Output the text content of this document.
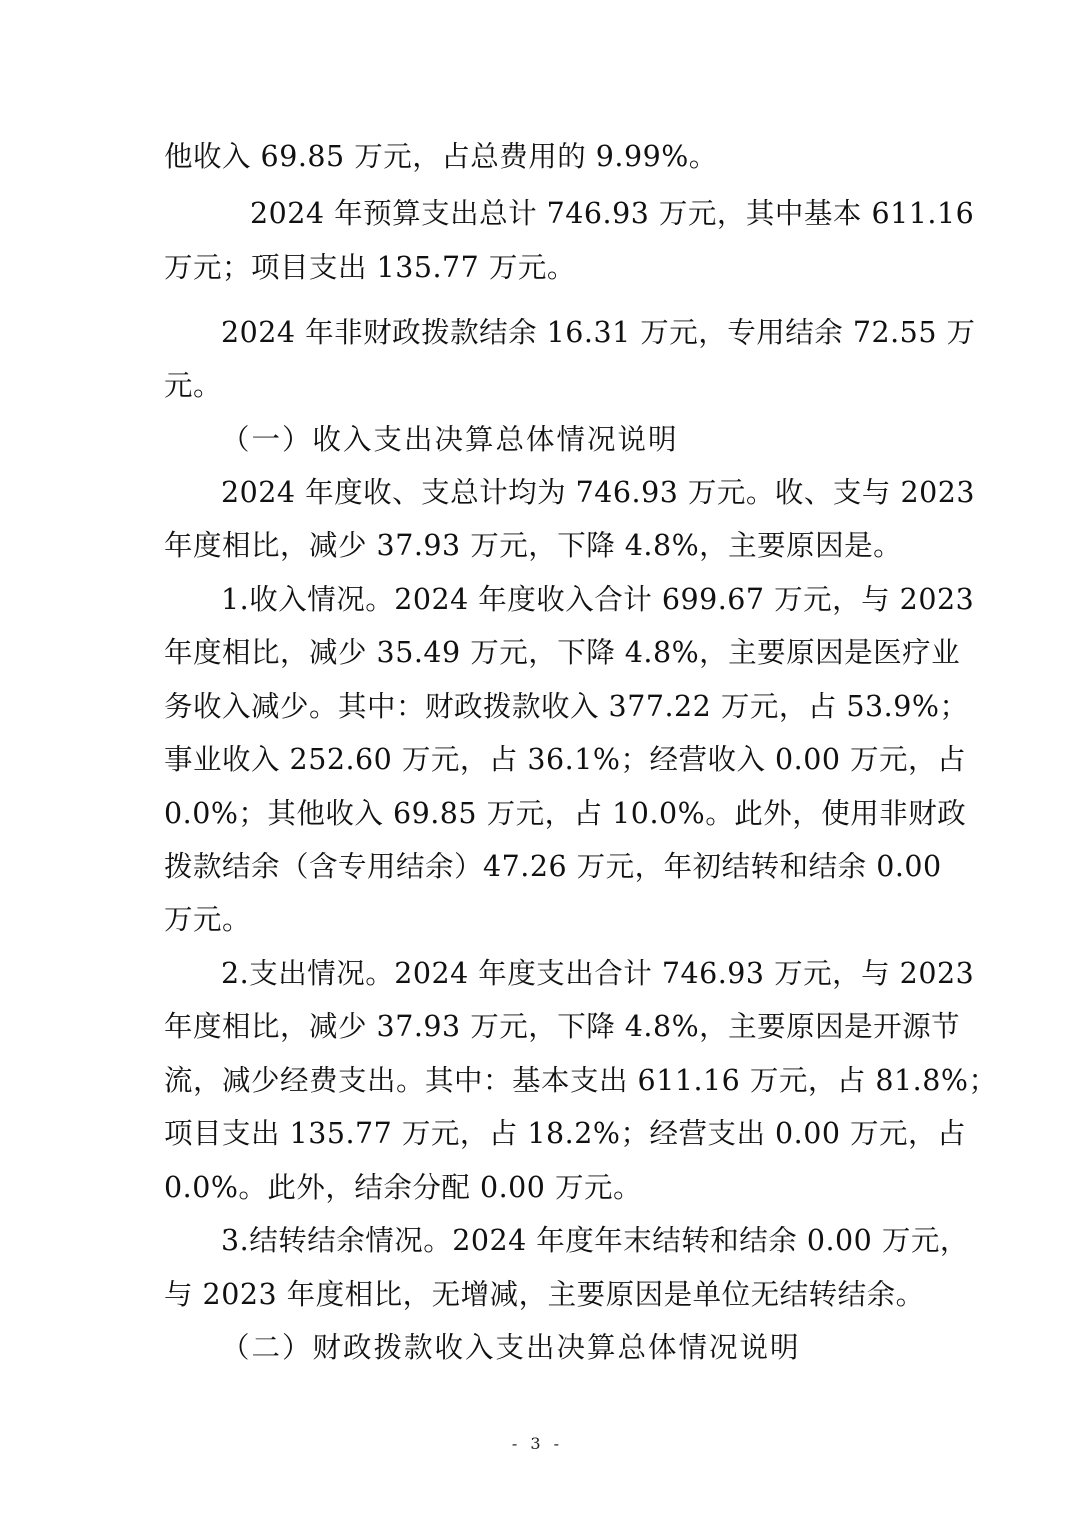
他收入 69.85 万元，占总费用的 9.99%。
2024 年预算支出总计 746.93 万元，其中基本 611.16
万元；项目支出 135.77 万元。
2024 年非财政拨款结余 16.31 万元，专用结余 72.55 万
元。
（一）收入支出决算总体情况说明
2024 年度收、支总计均为 746.93 万元。收、支与 2023
年度相比，减少 37.93 万元，下降 4.8%，主要原因是。
1.收入情况。2024 年度收入合计 699.67 万元，与 2023
年度相比，减少 35.49 万元，下降 4.8%，主要原因是医疗业
务收入减少。其中：财政拨款收入 377.22 万元，占 53.9%；
事业收入 252.60 万元，占 36.1%；经营收入 0.00 万元，占
0.0%；其他收入 69.85 万元，占 10.0%。此外，使用非财政
拨款结余（含专用结余）47.26 万元，年初结转和结余 0.00
万元。
2.支出情况。2024 年度支出合计 746.93 万元，与 2023
年度相比，减少 37.93 万元，下降 4.8%，主要原因是开源节
流，减少经费支出。其中：基本支出 611.16 万元，占 81.8%；
项目支出 135.77 万元，占 18.2%；经营支出 0.00 万元，占
0.0%。此外，结余分配 0.00 万元。
3.结转结余情况。2024 年度年末结转和结余 0.00 万元，
与 2023 年度相比，无增减，主要原因是单位无结转结余。
（二）财政拨款收入支出决算总体情况说明
- 3 -
